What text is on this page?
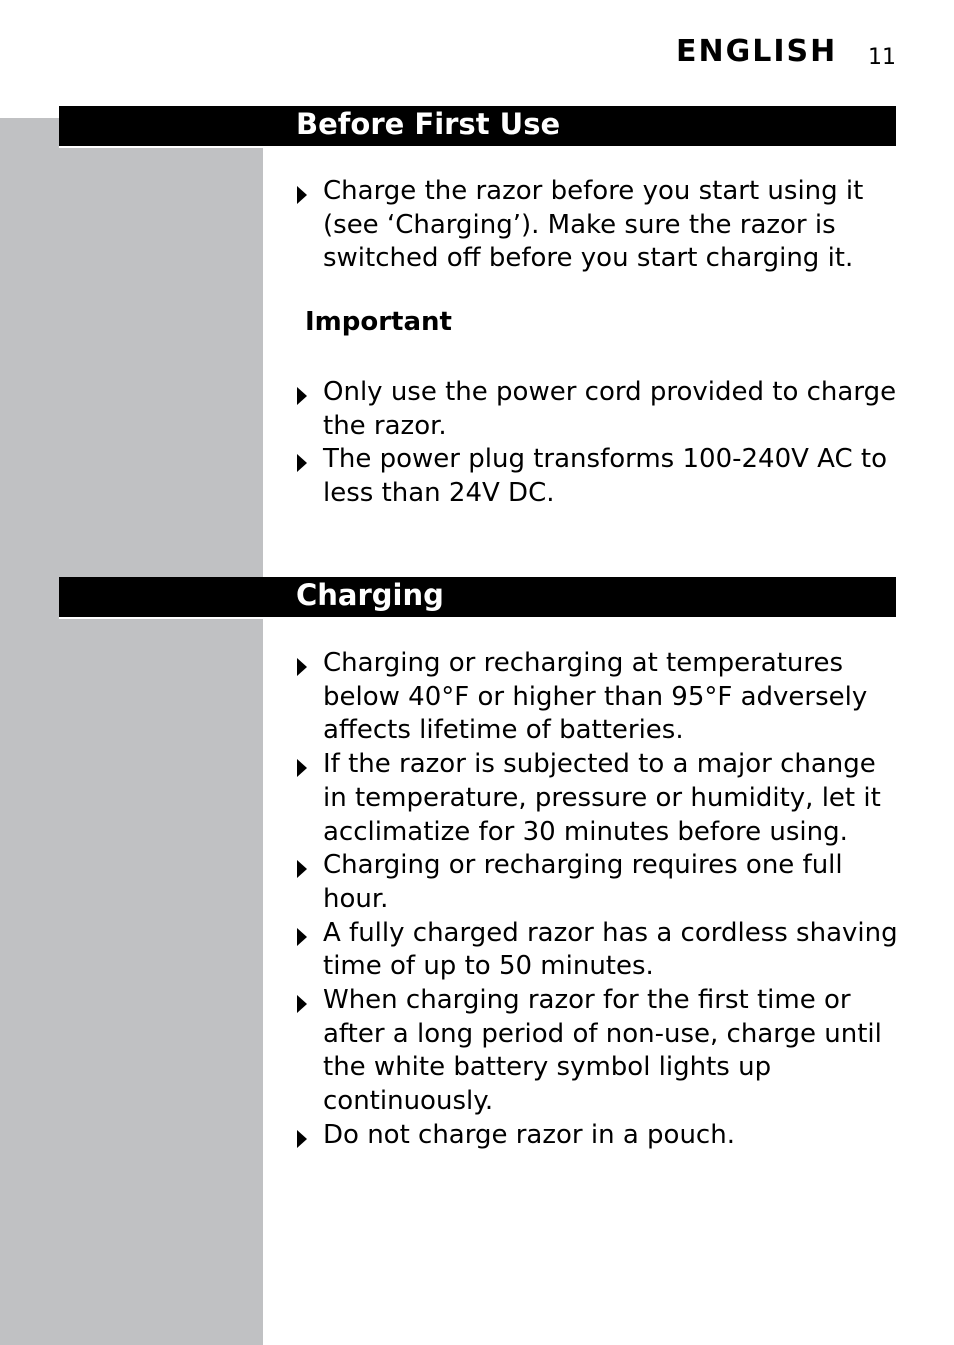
ENGLISH 11
Before First Use
Charge the razor before you start using it (see ‘Charging’). Make sure the razor is switched off before you start charging it.
Important
Only use the power cord provided to charge the razor.
The power plug transforms 100-240V AC to less than 24V DC.
Charging
Charging or recharging at temperatures below 40°F or higher than 95°F adversely affects lifetime of batteries.
If the razor is subjected to a major change in temperature, pressure or humidity, let it acclimatize for 30 minutes before using.
Charging or recharging requires one full hour.
A fully charged razor has a cordless shaving time of up to 50 minutes.
When charging razor for the first time or after a long period of non-use, charge until the white battery symbol lights up continuously.
Do not charge razor in a pouch.
